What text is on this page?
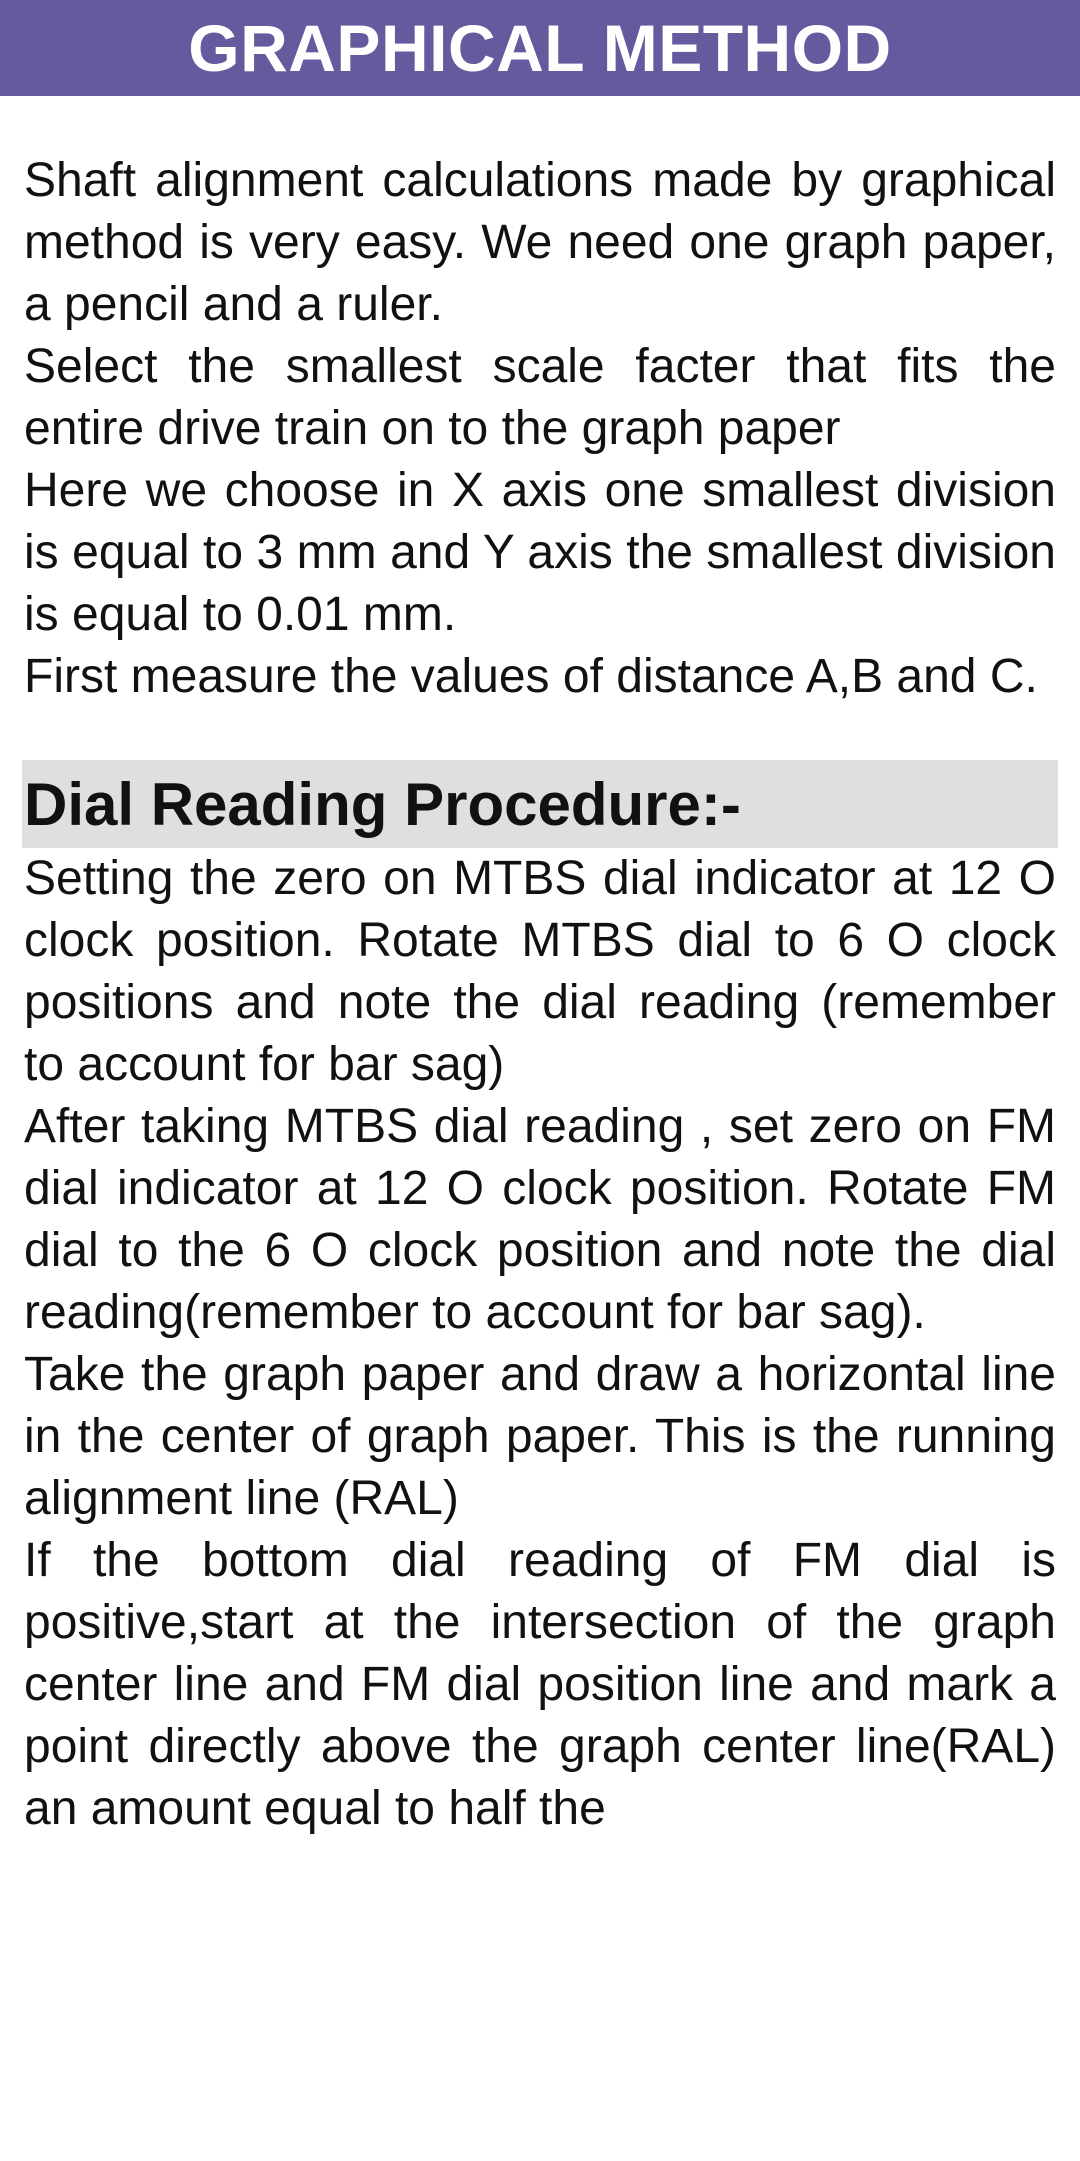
GRAPHICAL METHOD

Shaft alignment calculations made by graphical method is very easy. We need one graph paper, a pencil and a ruler.

Select the smallest scale facter that fits the entire drive train on to the graph paper

Here we choose in X axis one smallest division is equal to 3 mm and Y axis the smallest division is equal to 0.01 mm.

First measure the values of distance A,B and C.

Dial Reading Procedure:-

Setting the zero on MTBS dial indicator at 12 O clock position. Rotate MTBS dial to 6 O clock positions and note the dial reading (remember to account for bar sag)

After taking MTBS dial reading , set zero on FM dial indicator at 12 O clock position. Rotate FM dial to the 6 O clock position and note the dial reading(remember to account for bar sag).

Take the graph paper and draw a horizontal line in the center of graph paper. This is the running alignment line (RAL)

If the bottom dial reading of FM dial is positive,start at the intersection of the graph center line and FM dial position line and mark a point directly above the graph center line(RAL) an amount equal to half the
